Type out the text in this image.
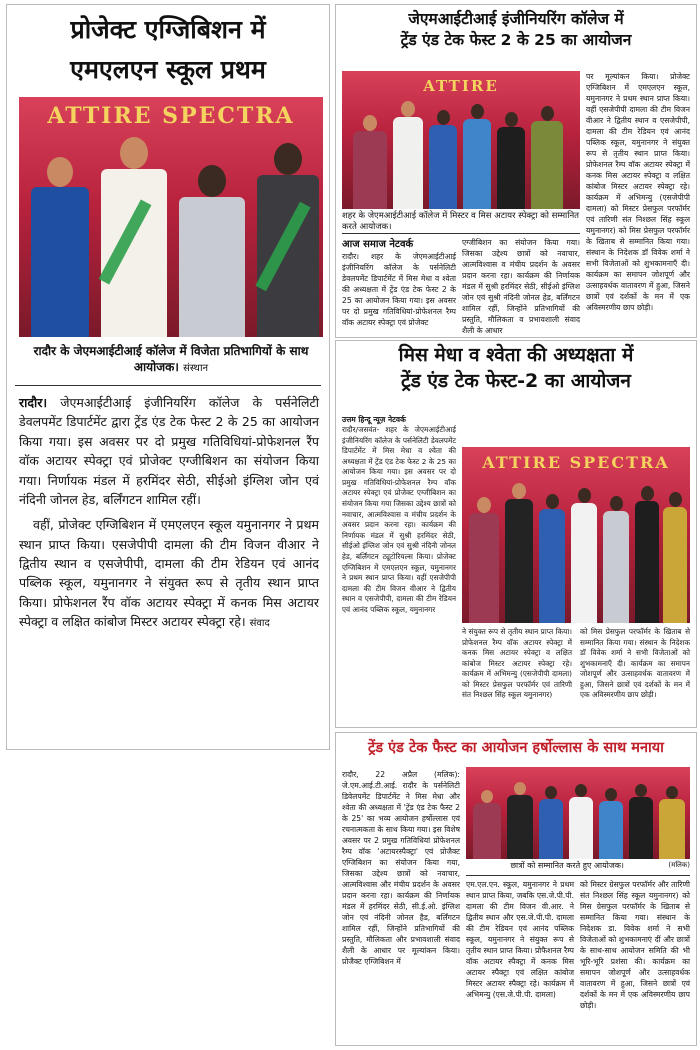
प्रोजेक्ट एग्जिबिशन में

एमएलएन स्कूल प्रथम

ATTIRE SPECTRA
रादौर के जेएमआईटीआई कॉलेज में विजेता प्रतिभागियों के साथ आयोजक। संस्थान

रादौर। जेएमआईटीआई इंजीनियरिंग कॉलेज के पर्सनेलिटी डेवलपमेंट डिपार्टमेंट द्वारा ट्रेंड एंड टेक फेस्ट 2 के 25 का आयोजन किया गया। इस अवसर पर दो प्रमुख गतिविधियां-प्रोफेशनल रैंप वॉक अटायर स्पेक्ट्रा एवं प्रोजेक्ट एग्जीबिशन का संयोजन किया गया। निर्णायक मंडल में हरमिंदर सेठी, सीईओ इंग्लिश जोन एवं नंदिनी जोनल हेड, बर्लिंगटन शामिल रहीं।

वहीं, प्रोजेक्ट एग्जिबिशन में एमएलएन स्कूल यमुनानगर ने प्रथम स्थान प्राप्त किया। एसजेपीपी दामला की टीम विजन वीआर ने द्वितीय स्थान व एसजेपीपी, दामला की टीम रेडियन एवं आनंद पब्लिक स्कूल, यमुनानगर ने संयुक्त रूप से तृतीय स्थान प्राप्त किया। प्रोफेशनल रैंप वॉक अटायर स्पेक्ट्रा में कनक मिस अटायर स्पेक्ट्रा व लक्षित कांबोज मिस्टर अटायर स्पेक्ट्रा रहे। संवाद

जेएमआईटीआई इंजीनियरिंग कॉलेज में

ट्रेंड एंड टेक फेस्ट 2 के 25 का आयोजन

ATTIRE
शहर के जेएमआईटीआई कॉलेज में मिस्टर व मिस अटायर स्पेक्ट्रा को सम्मानित करते आयोजक।
आज समाज नेटवर्क
रादौर। शहर के जेएमआईटीआई इंजीनियरिंग कॉलेज के पर्सनेलिटी डेवलपमेंट डिपार्टमेंट में मिस मेधा व श्वेता की अध्यक्षता में ट्रेंड एंड टेक फेस्ट 2 के 25 का आयोजन किया गया। इस अवसर पर दो प्रमुख गतिविधियां-प्रोफेशनल रैम्प वॉक अटायर स्पेक्ट्रा एवं प्रोजेक्ट
एग्जीबिशन का संयोजन किया गया। जिसका उद्देश्य छात्रों को नवाचार, आत्मविश्वास व मंचीय प्रदर्शन के अवसर प्रदान करना रहा। कार्यक्रम की निर्णायक मंडल में सुश्री हरमिंदर सेठी, सीईओ इंग्लिश जोन एवं सुश्री नंदिनी जोनल हेड, बर्लिंगटन शामिल रहीं, जिन्होंने प्रतिभागियों की प्रस्तुति, मौलिकता व प्रभावशाली संवाद शैली के आधार
पर मूल्यांकन किया। प्रोजेक्ट एग्जिबिशन में एमएलएन स्कूल, यमुनानगर ने प्रथम स्थान प्राप्त किया। वहीं एसजेपीपी दामला की टीम विजन वीआर ने द्वितीय स्थान व एसजेपीपी, दामला की टीम रेडियन एवं आनंद पब्लिक स्कूल, यमुनानगर ने संयुक्त रूप से तृतीय स्थान प्राप्त किया। प्रोफेशनल रैम्प वॉक अटायर स्पेक्ट्रा में कनक मिस अटायर स्पेक्ट्रा व लक्षित कांबोज मिस्टर अटायर स्पेक्ट्रा रहे। कार्यक्रम में अभिमन्यु (एसजेपीपी दामला) को मिस्टर प्रेसफुल परफॉर्मर एवं तारिणी संत निश्छल सिंह स्कूल यमुनानगर) को मिस प्रेसफुल परफॉर्मर के खिताब से सम्मानित किया गया। संस्थान के निदेशक डॉ विवेक शर्मा ने सभी विजेताओं को शुभकामनाएँ दी। कार्यक्रम का समापन जोशपूर्ण और उत्साहवर्धक वातावरण में हुआ, जिसने छात्रों एवं दर्शकों के मन में एक अविस्मरणीय छाप छोड़ी।

मिस मेधा व श्वेता की अध्यक्षता में

ट्रेंड एंड टेक फेस्ट-2 का आयोजन

उत्तम हिन्दू न्यूज़ नेटवर्क
रादौर/जसवंत- शहर के जेएमआईटीआई इंजीनियरिंग कॉलेज के पर्सनेलिटी डेवलपमेंट डिपार्टमेंट में मिस मेधा व श्वेता की अध्यक्षता में ट्रेंड एंड टेक फेस्ट 2 के 25 का आयोजन किया गया। इस अवसर पर दो प्रमुख गतिविधियां-प्रोफेशनल रैम्प वॉक अटायर स्पेक्ट्रा एवं प्रोजेक्ट एग्जीबिशन का संयोजन किया गया जिसका उद्देश्य छात्रों को नवाचार, आत्मविश्वास व मंचीय प्रदर्शन के अवसर प्रदान करना रहा। कार्यक्रम की निर्णायक मंडल में सुश्री हरमिंदर सेठी, सीईओ इंग्लिश जोन एवं सुश्री नंदिनी जोनल हेड, बर्लिंगटन ट्यूटोरियल्स किया। प्रोजेक्ट एग्जिबिशन में एमएलएन स्कूल, यमुनानगर ने प्रथम स्थान प्राप्त किया। वहीं एसजेपीपी दामला की टीम विजन वीआर ने द्वितीय स्थान व एसजेपीपी, दामला की टीम रेडियन एवं आनंद पब्लिक स्कूल, यमुनानगर
ATTIRE SPECTRA
ने संयुक्त रूप से तृतीय स्थान प्राप्त किया। प्रोफेशनल रैम्प वॉक अटायर स्पेक्ट्रा में कनक मिस अटायर स्पेक्ट्रा व लक्षित कांबोज मिस्टर अटायर स्पेक्ट्रा रहे। कार्यक्रम में अभिमन्यु (एसजेपीपी दामला) को मिस्टर प्रेसफुल परफॉर्मर एवं तारिणी संत निश्छल सिंह स्कूल यमुनानगर)
को मिस प्रेसफुल परफॉर्मर के खिताब से सम्मानित किया गया। संस्थान के निदेशक डॉ विवेक शर्मा ने सभी विजेताओं को शुभकामनाएँ दी। कार्यक्रम का समापन जोशपूर्ण और उत्साहवर्धक वातावरण में हुआ, जिसने छात्रों एवं दर्शकों के मन में एक अविस्मरणीय छाप छोड़ी।

ट्रेंड एंड टेक फैस्ट का आयोजन हर्षोल्लास के साथ मनाया

रादौर, 22 अप्रैल (मलिक): जे.एम.आई.टी.आई. रादौर के पर्सनेलिटी डिवेलपमेंट डिपार्टमेंट ने मिस मेधा और श्वेता की अध्यक्षता में 'ट्रेंड एंड टेक फैस्ट 2 के 25' का भव्य आयोजन हर्षोल्लास एवं रचनात्मकता के साथ किया गया। इस विशेष अवसर पर 2 प्रमुख गतिविधियां प्रोफेशनल रैम्प वॉक 'अटायरस्पैक्ट्रा' एवं प्रोजैक्ट एग्जिबिशन का संयोजन किया गया, जिसका उद्देश्य छात्रों को नवाचार, आत्मविश्वास और मंचीय प्रदर्शन के अवसर प्रदान करना रहा। कार्यक्रम की निर्णायक मंडल में हरमिंदर सेठी, सी.ई.ओ. इंग्लिश जोन एवं नंदिनी जोनल हैड, बर्लिंगटन शामिल रहीं, जिन्होंने प्रतिभागियों की प्रस्तुति, मौलिकता और प्रभावशाली संवाद शैली के आधार पर मूल्यांकन किया। प्रोजैक्ट एग्जिबिशन में
छात्रों को सम्मानित करते हुए आयोजक।	(मलिक)
एम.एल.एन. स्कूल, यमुनानगर ने प्रथम स्थान प्राप्त किया, जबकि एस.जे.पी.पी. दामला की टीम विजन वी.आर. ने द्वितीय स्थान और एस.जे.पी.पी. दामला की टीम रेडियन एवं आनंद पब्लिक स्कूल, यमुनानगर ने संयुक्त रूप से तृतीय स्थान प्राप्त किया। प्रोफैशनल रैम्प वॉक अटायर स्पैक्ट्रा में कनक मिस अटायर स्पैक्ट्रा एवं लक्षित कांबोज मिस्टर अटायर स्पैक्ट्रा रहे। कार्यक्रम में अभिमन्यु (एस.जे.पी.पी. दामला)
को मिस्टर ग्रेसफुल परफॉर्मर और तारिणी संत निश्छल सिंह स्कूल यमुनानगर) को मिस ग्रेसफुल परफॉर्मर के खिताब से सम्मानित किया गया। संस्थान के निदेशक डा. विवेक शर्मा ने सभी विजेताओं को शुभकामनाएं दीं और छात्रों के साथ-साथ आयोजन समिति की भी भूरि-भूरि प्रशंसा की। कार्यक्रम का समापन जोशपूर्ण और उत्साहवर्धक वातावरण में हुआ, जिसने छात्रों एवं दर्शकों के मन में एक अविस्मरणीय छाप छोड़ी।
